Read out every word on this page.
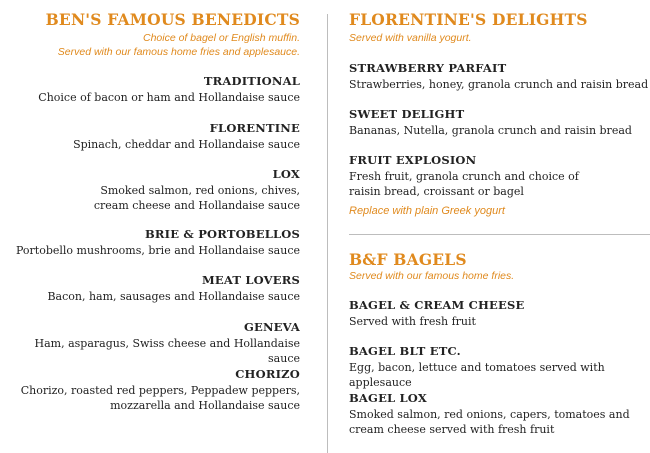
BEN'S FAMOUS BENEDICTS
Choice of bagel or English muffin.
Served with our famous home fries and applesauce.
TRADITIONAL
Choice of bacon or ham and Hollandaise sauce
FLORENTINE
Spinach, cheddar and Hollandaise sauce
LOX
Smoked salmon, red onions, chives,
cream cheese and Hollandaise sauce
BRIE & PORTOBELLOS
Portobello mushrooms, brie and Hollandaise sauce
MEAT LOVERS
Bacon, ham, sausages and Hollandaise sauce
GENEVA
Ham, asparagus, Swiss cheese and Hollandaise sauce
CHORIZO
Chorizo, roasted red peppers, Peppadew peppers,
mozzarella and Hollandaise sauce
FLORENTINE'S DELIGHTS
Served with vanilla yogurt.
STRAWBERRY PARFAIT
Strawberries, honey, granola crunch and raisin bread
SWEET DELIGHT
Bananas, Nutella, granola crunch and raisin bread
FRUIT EXPLOSION
Fresh fruit, granola crunch and choice of
raisin bread, croissant or bagel
Replace with plain Greek yogurt
B&F BAGELS
Served with our famous home fries.
BAGEL & CREAM CHEESE
Served with fresh fruit
BAGEL BLT ETC.
Egg, bacon, lettuce and tomatoes served with applesauce
BAGEL LOX
Smoked salmon, red onions, capers, tomatoes and
cream cheese served with fresh fruit
